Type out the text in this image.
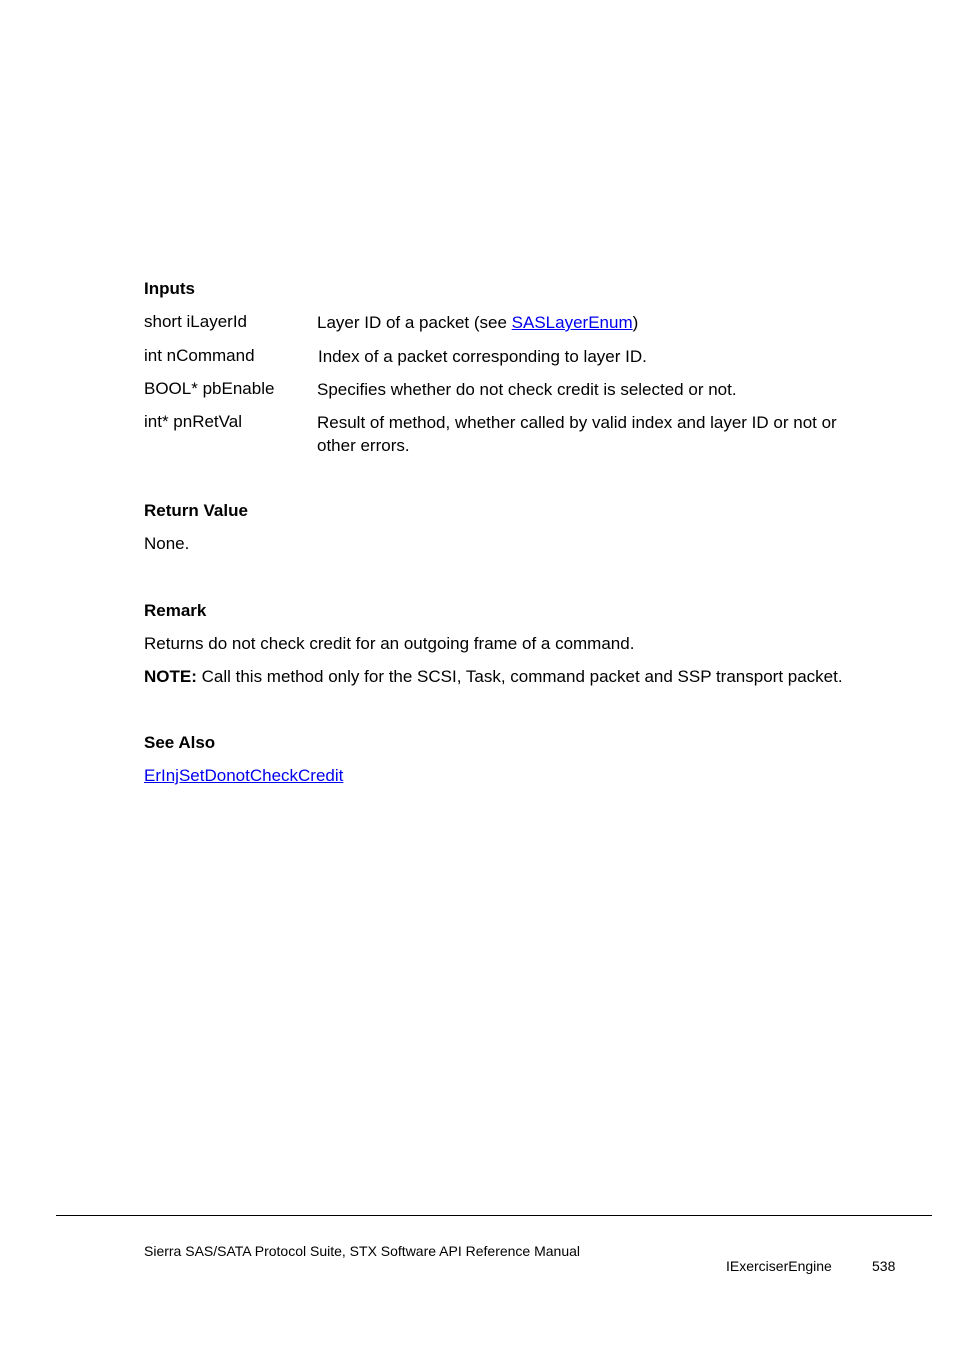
Inputs
short iLayerId	Layer ID of a packet (see SASLayerEnum)
int nCommand	Index of a packet corresponding to layer ID.
BOOL* pbEnable	Specifies whether do not check credit is selected or not.
int* pnRetVal	Result of method, whether called by valid index and layer ID or not or other errors.
Return Value
None.
Remark
Returns do not check credit for an outgoing frame of a command.
NOTE: Call this method only for the SCSI, Task, command packet and SSP transport packet.
See Also
ErInjSetDonotCheckCredit
Sierra SAS/SATA Protocol Suite, STX Software API Reference Manual
IExerciserEngine	538
